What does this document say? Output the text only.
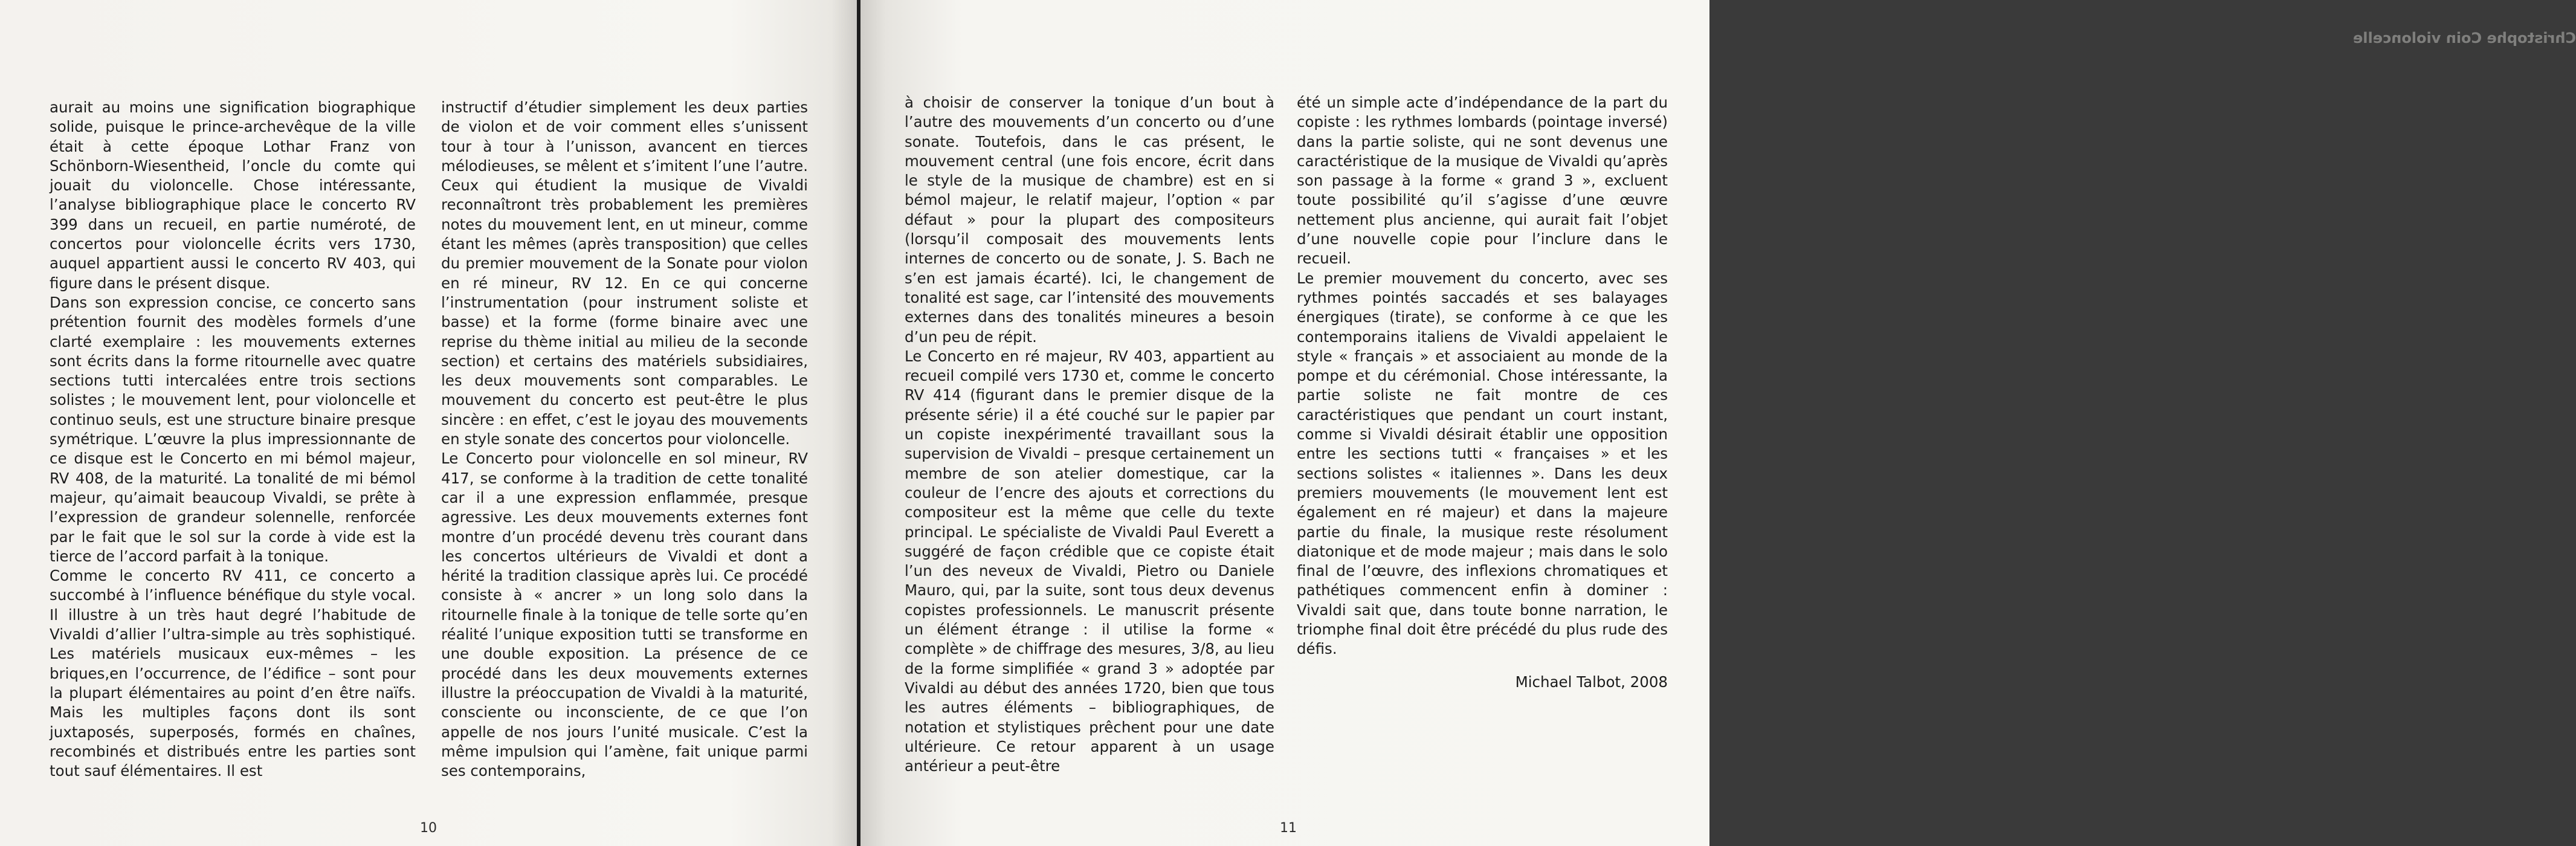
aurait au moins une signification biographique solide, puisque le prince-archevêque de la ville était à cette époque Lothar Franz von Schönborn-Wiesentheid, l’oncle du comte qui jouait du violoncelle. Chose intéressante, l’analyse bibliographique place le concerto RV 399 dans un recueil, en partie numéroté, de concertos pour violoncelle écrits vers 1730, auquel appartient aussi le concerto RV 403, qui figure dans le présent disque.

Dans son expression concise, ce concerto sans prétention fournit des modèles formels d’une clarté exemplaire : les mouvements externes sont écrits dans la forme ritournelle avec quatre sections tutti intercalées entre trois sections solistes ; le mouvement lent, pour violoncelle et continuo seuls, est une structure binaire presque symétrique. L’œuvre la plus impressionnante de ce disque est le Concerto en mi bémol majeur, RV 408, de la maturité. La tonalité de mi bémol majeur, qu’aimait beaucoup Vivaldi, se prête à l’expression de grandeur solennelle, renforcée par le fait que le sol sur la corde à vide est la tierce de l’accord parfait à la tonique.

Comme le concerto RV 411, ce concerto a succombé à l’influence bénéfique du style vocal. Il illustre à un très haut degré l’habitude de Vivaldi d’allier l’ultra-simple au très sophistiqué. Les matériels musicaux eux-mêmes – les briques,en l’occurrence, de l’édifice – sont pour la plupart élémentaires au point d’en être naïfs. Mais les multiples façons dont ils sont juxtaposés, superposés, formés en chaînes, recombinés et distribués entre les parties sont tout sauf élémentaires. Il est

instructif d’étudier simplement les deux parties de violon et de voir comment elles s’unissent tour à tour à l’unisson, avancent en tierces mélodieuses, se mêlent et s’imitent l’une l’autre. Ceux qui étudient la musique de Vivaldi reconnaîtront très probablement les premières notes du mouvement lent, en ut mineur, comme étant les mêmes (après transposition) que celles du premier mouvement de la Sonate pour violon en ré mineur, RV 12. En ce qui concerne l’instrumentation (pour instrument soliste et basse) et la forme (forme binaire avec une reprise du thème initial au milieu de la seconde section) et certains des matériels subsidiaires, les deux mouvements sont comparables. Le mouvement du concerto est peut-être le plus sincère : en effet, c’est le joyau des mouvements en style sonate des concertos pour violoncelle.

Le Concerto pour violoncelle en sol mineur, RV 417, se conforme à la tradition de cette tonalité car il a une expression enflammée, presque agressive. Les deux mouvements externes font montre d’un procédé devenu très courant dans les concertos ultérieurs de Vivaldi et dont a hérité la tradition classique après lui. Ce procédé consiste à « ancrer » un long solo dans la ritournelle finale à la tonique de telle sorte qu’en réalité l’unique exposition tutti se transforme en une double exposition. La présence de ce procédé dans les deux mouvements externes illustre la préoccupation de Vivaldi à la maturité, consciente ou inconsciente, de ce que l’on appelle de nos jours l’unité musicale. C’est la même impulsion qui l’amène, fait unique parmi ses contemporains,

10
Christophe Coin violoncelle

à choisir de conserver la tonique d’un bout à l’autre des mouvements d’un concerto ou d’une sonate. Toutefois, dans le cas présent, le mouvement central (une fois encore, écrit dans le style de la musique de chambre) est en si bémol majeur, le relatif majeur, l’option « par défaut » pour la plupart des compositeurs (lorsqu’il composait des mouvements lents internes de concerto ou de sonate, J. S. Bach ne s’en est jamais écarté). Ici, le changement de tonalité est sage, car l’intensité des mouvements externes dans des tonalités mineures a besoin d’un peu de répit.

Le Concerto en ré majeur, RV 403, appartient au recueil compilé vers 1730 et, comme le concerto RV 414 (figurant dans le premier disque de la présente série) il a été couché sur le papier par un copiste inexpérimenté travaillant sous la supervision de Vivaldi – presque certainement un membre de son atelier domestique, car la couleur de l’encre des ajouts et corrections du compositeur est la même que celle du texte principal. Le spécialiste de Vivaldi Paul Everett a suggéré de façon crédible que ce copiste était l’un des neveux de Vivaldi, Pietro ou Daniele Mauro, qui, par la suite, sont tous deux devenus copistes professionnels. Le manuscrit présente un élément étrange : il utilise la forme « complète » de chiffrage des mesures, 3/8, au lieu de la forme simplifiée « grand 3 » adoptée par Vivaldi au début des années 1720, bien que tous les autres éléments – bibliographiques, de notation et stylistiques prêchent pour une date ultérieure. Ce retour apparent à un usage antérieur a peut-être

été un simple acte d’indépendance de la part du copiste : les rythmes lombards (pointage inversé) dans la partie soliste, qui ne sont devenus une caractéristique de la musique de Vivaldi qu’après son passage à la forme « grand 3 », excluent toute possibilité qu’il s’agisse d’une œuvre nettement plus ancienne, qui aurait fait l’objet d’une nouvelle copie pour l’inclure dans le recueil.

Le premier mouvement du concerto, avec ses rythmes pointés saccadés et ses balayages énergiques (tirate), se conforme à ce que les contemporains italiens de Vivaldi appelaient le style « français » et associaient au monde de la pompe et du cérémonial. Chose intéressante, la partie soliste ne fait montre de ces caractéristiques que pendant un court instant, comme si Vivaldi désirait établir une opposition entre les sections tutti « françaises » et les sections solistes « italiennes ». Dans les deux premiers mouvements (le mouvement lent est également en ré majeur) et dans la majeure partie du finale, la musique reste résolument diatonique et de mode majeur ; mais dans le solo final de l’œuvre, des inflexions chromatiques et pathétiques commencent enfin à dominer : Vivaldi sait que, dans toute bonne narration, le triomphe final doit être précédé du plus rude des défis.

Michael Talbot, 2008

11
